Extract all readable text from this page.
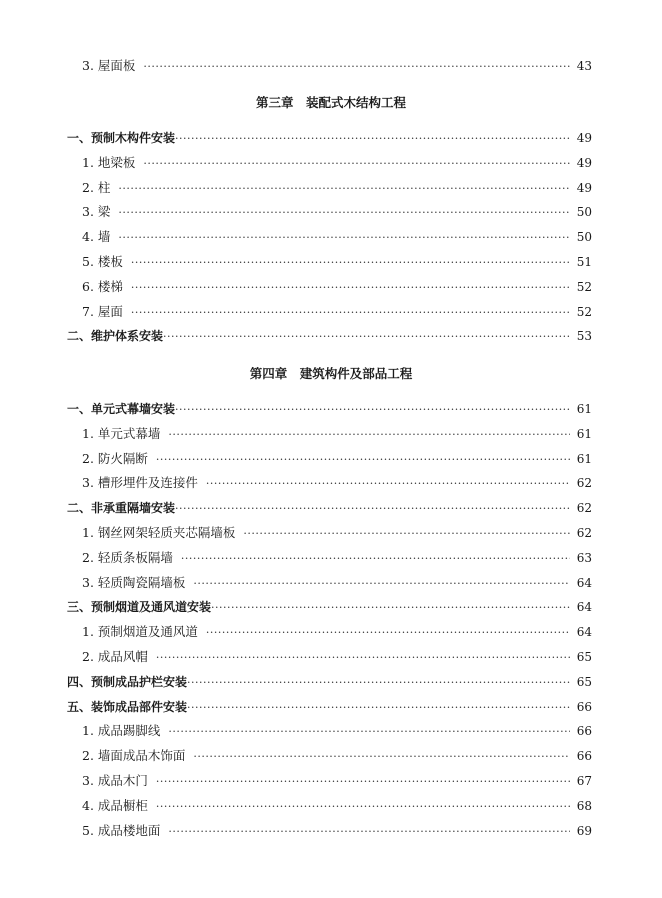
3. 屋面板 ·····	43
第三章　装配式木结构工程
一、预制木构件安装 ·····	49
1. 地梁板 ·····	49
2. 柱 ·····	49
3. 梁 ·····	50
4. 墙 ·····	50
5. 楼板 ·····	51
6. 楼梯 ·····	52
7. 屋面 ·····	52
二、维护体系安装 ·····	53
第四章　建筑构件及部品工程
一、单元式幕墙安装 ·····	61
1. 单元式幕墙 ·····	61
2. 防火隔断 ·····	61
3. 槽形埋件及连接件 ·····	62
二、非承重隔墙安装 ·····	62
1. 钢丝网架轻质夹芯隔墙板 ·····	62
2. 轻质条板隔墙 ·····	63
3. 轻质陶瓷隔墙板 ·····	64
三、预制烟道及通风道安装 ·····	64
1. 预制烟道及通风道 ·····	64
2. 成品风帽 ·····	65
四、预制成品护栏安装 ·····	65
五、装饰成品部件安装 ·····	66
1. 成品踢脚线 ·····	66
2. 墙面成品木饰面 ·····	66
3. 成品木门 ·····	67
4. 成品橱柜 ·····	68
5. 成品楼地面 ·····	69
